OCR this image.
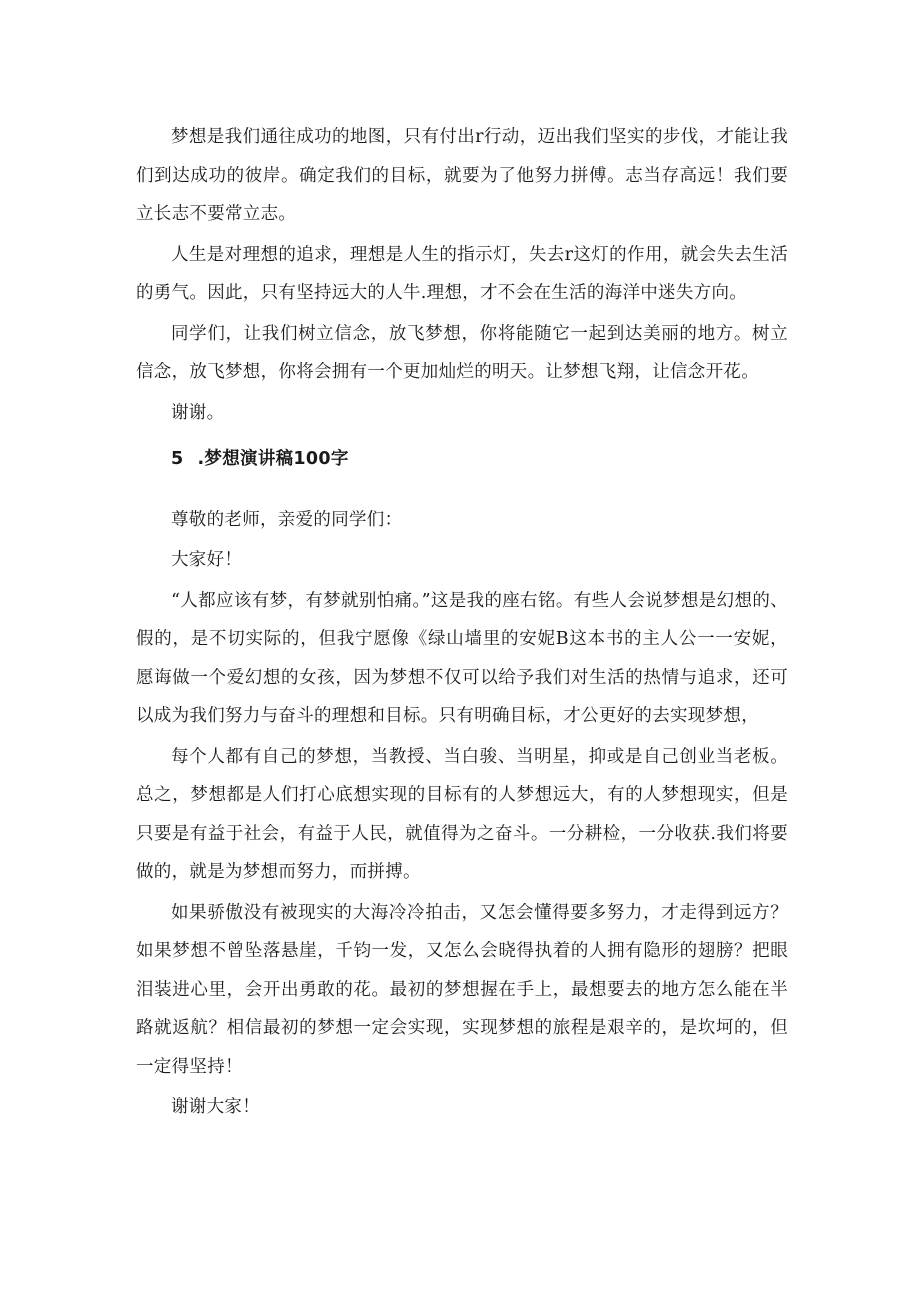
梦想是我们通往成功的地图，只有付出r行动，迈出我们坚实的步伐，才能让我们到达成功的彼岸。确定我们的目标，就要为了他努力拼傅。志当存高远！我们要立长志不要常立志。

人生是对理想的追求，理想是人生的指示灯，失去r这灯的作用，就会失去生活的勇气。因此，只有坚持远大的人牛.理想，才不会在生活的海洋中迷失方向。

同学们，让我们树立信念，放飞梦想，你将能随它一起到达美丽的地方。树立信念，放飞梦想，你将会拥有一个更加灿烂的明天。让梦想飞翔，让信念开花。

谢谢。

5 .梦想演讲稿100字

尊敬的老师，亲爱的同学们：

大家好！

“人都应该有梦，有梦就别怕痛。”这是我的座右铭。有些人会说梦想是幻想的、假的，是不切实际的，但我宁愿像《绿山墙里的安妮B这本书的主人公一一安妮，愿诲做一个爱幻想的女孩，因为梦想不仅可以给予我们对生活的热情与追求，还可以成为我们努力与奋斗的理想和目标。只有明确目标，才公更好的去实现梦想，

每个人都有自己的梦想，当教授、当白骏、当明星，抑或是自己创业当老板。总之，梦想都是人们打心底想实现的目标有的人梦想远大，有的人梦想现实，但是只要是有益于社会，有益于人民，就值得为之奋斗。一分耕检，一分收获.我们将要做的，就是为梦想而努力，而拼搏。

如果骄傲没有被现实的大海冷冷拍击，又怎会懂得要多努力，才走得到远方？如果梦想不曾坠落悬崖，千钧一发，又怎么会晓得执着的人拥有隐形的翅膀？把眼泪装进心里，会开出勇敢的花。最初的梦想握在手上，最想要去的地方怎么能在半路就返航？相信最初的梦想一定会实现，实现梦想的旅程是艰辛的，是坎坷的，但一定得坚持！

谢谢大家！
